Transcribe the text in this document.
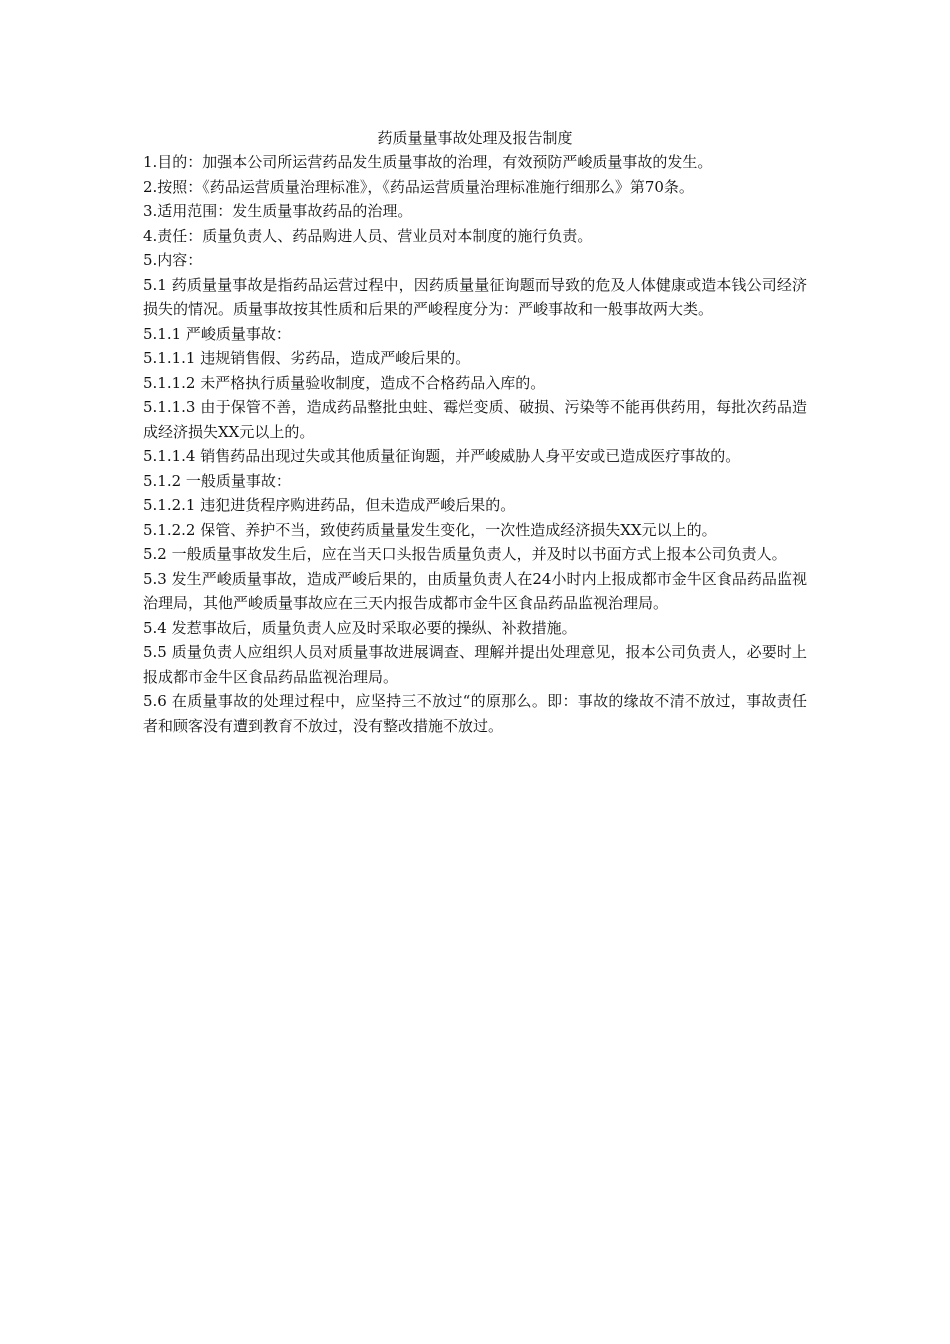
药质量量事故处理及报告制度

1.目的：加强本公司所运营药品发生质量事故的治理，有效预防严峻质量事故的发生。

2.按照：《药品运营质量治理标准》，《药品运营质量治理标准施行细那么》第70条。

3.适用范围：发生质量事故药品的治理。

4.责任：质量负责人、药品购进人员、营业员对本制度的施行负责。

5.内容：

5.1 药质量量事故是指药品运营过程中，因药质量量征询题而导致的危及人体健康或造本钱公司经济损失的情况。质量事故按其性质和后果的严峻程度分为：严峻事故和一般事故两大类。

5.1.1 严峻质量事故：

5.1.1.1 违规销售假、劣药品，造成严峻后果的。

5.1.1.2 未严格执行质量验收制度，造成不合格药品入库的。

5.1.1.3 由于保管不善，造成药品整批虫蛀、霉烂变质、破损、污染等不能再供药用，每批次药品造成经济损失XX元以上的。

5.1.1.4 销售药品出现过失或其他质量征询题，并严峻威胁人身平安或已造成医疗事故的。

5.1.2 一般质量事故：

5.1.2.1 违犯进货程序购进药品，但未造成严峻后果的。

5.1.2.2 保管、养护不当，致使药质量量发生变化，一次性造成经济损失XX元以上的。

5.2 一般质量事故发生后，应在当天口头报告质量负责人，并及时以书面方式上报本公司负责人。

5.3 发生严峻质量事故，造成严峻后果的，由质量负责人在24小时内上报成都市金牛区食品药品监视治理局，其他严峻质量事故应在三天内报告成都市金牛区食品药品监视治理局。

5.4 发惹事故后，质量负责人应及时采取必要的操纵、补救措施。

5.5 质量负责人应组织人员对质量事故进展调查、理解并提出处理意见，报本公司负责人，必要时上报成都市金牛区食品药品监视治理局。

5.6 在质量事故的处理过程中，应坚持三不放过“的原那么。即：事故的缘故不清不放过，事故责任者和顾客没有遭到教育不放过，没有整改措施不放过。
